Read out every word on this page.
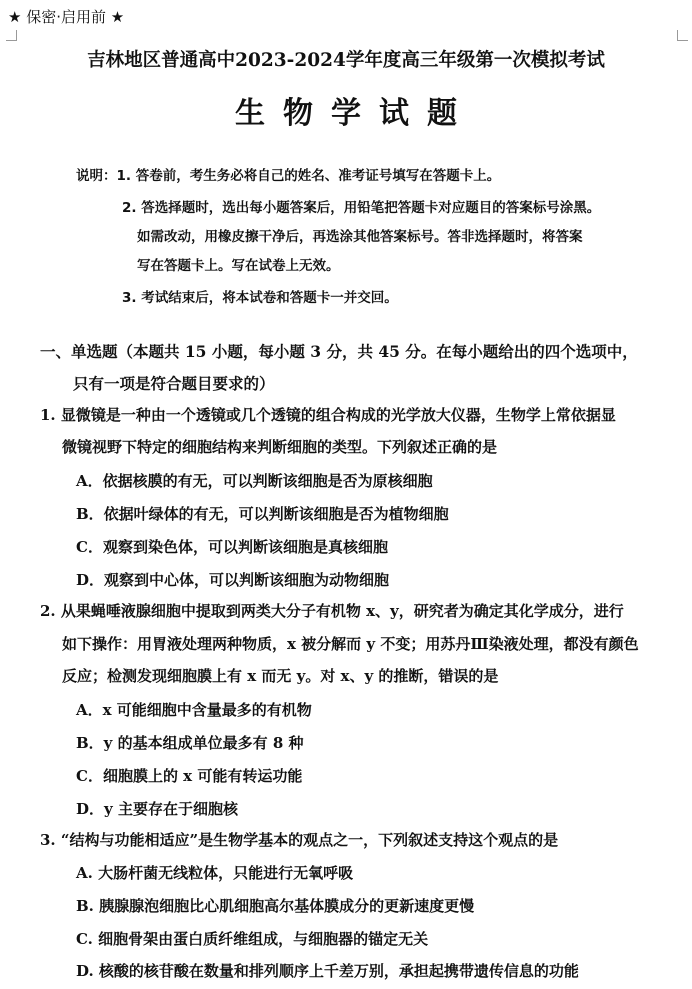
★ 保密·启用前 ★
吉林地区普通高中2023-2024学年度高三年级第一次模拟考试
生物学试题
说明：1. 答卷前，考生务必将自己的姓名、准考证号填写在答题卡上。
2. 答选择题时，选出每小题答案后，用铅笔把答题卡对应题目的答案标号涂黑。
如需改动，用橡皮擦干净后，再选涂其他答案标号。答非选择题时，将答案
写在答题卡上。写在试卷上无效。
3. 考试结束后，将本试卷和答题卡一并交回。
一、单选题（本题共 15 小题，每小题 3 分，共 45 分。在每小题给出的四个选项中，
只有一项是符合题目要求的）
1. 显微镜是一种由一个透镜或几个透镜的组合构成的光学放大仪器，生物学上常依据显
微镜视野下特定的细胞结构来判断细胞的类型。下列叙述正确的是
A．依据核膜的有无，可以判断该细胞是否为原核细胞
B．依据叶绿体的有无，可以判断该细胞是否为植物细胞
C．观察到染色体，可以判断该细胞是真核细胞
D．观察到中心体，可以判断该细胞为动物细胞
2. 从果蝇唾液腺细胞中提取到两类大分子有机物 x、y，研究者为确定其化学成分，进行
如下操作：用胃液处理两种物质，x 被分解而 y 不变；用苏丹Ⅲ染液处理，都没有颜色
反应；检测发现细胞膜上有 x 而无 y。对 x、y 的推断，错误的是
A．x 可能细胞中含量最多的有机物
B．y 的基本组成单位最多有 8 种
C．细胞膜上的 x 可能有转运功能
D．y 主要存在于细胞核
3. “结构与功能相适应”是生物学基本的观点之一，下列叙述支持这个观点的是
A. 大肠杆菌无线粒体，只能进行无氧呼吸
B. 胰腺腺泡细胞比心肌细胞高尔基体膜成分的更新速度更慢
C. 细胞骨架由蛋白质纤维组成，与细胞器的锚定无关
D. 核酸的核苷酸在数量和排列顺序上千差万别，承担起携带遗传信息的功能
